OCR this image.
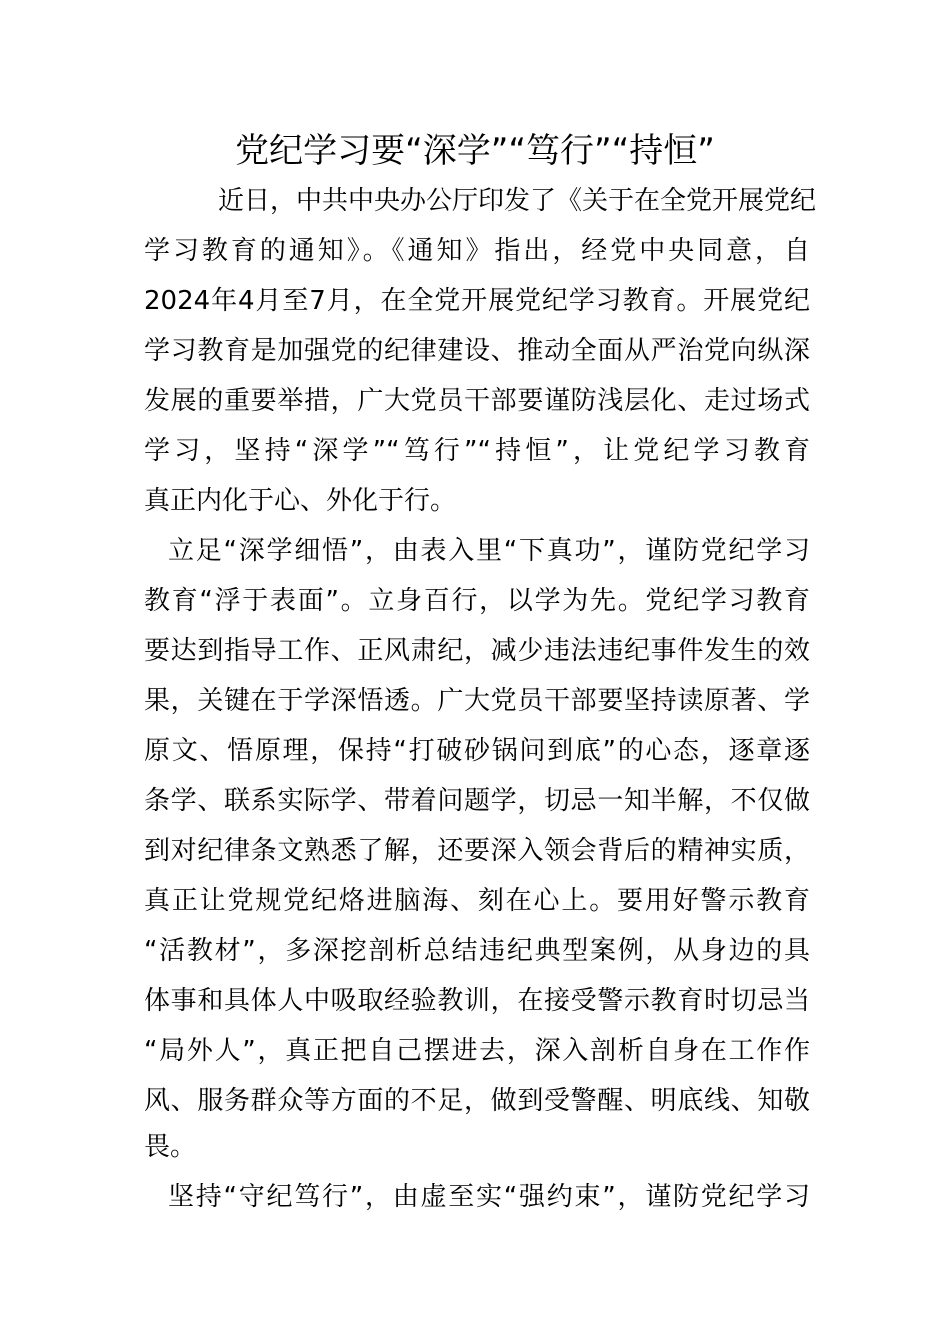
党纪学习要“深学”“笃行”“持恒”

近日，中共中央办公厅印发了《关于在全党开展党纪

学习教育的通知》。《通知》指出，经党中央同意，自

2024年4月至7月，在全党开展党纪学习教育。开展党纪

学习教育是加强党的纪律建设、推动全面从严治党向纵深

发展的重要举措，广大党员干部要谨防浅层化、走过场式

学习，坚持“深学”“笃行”“持恒”，让党纪学习教育

真正内化于心、外化于行。

立足“深学细悟”，由表入里“下真功”，谨防党纪学习

教育“浮于表面”。立身百行，以学为先。党纪学习教育

要达到指导工作、正风肃纪，减少违法违纪事件发生的效

果，关键在于学深悟透。广大党员干部要坚持读原著、学

原文、悟原理，保持“打破砂锅问到底”的心态，逐章逐

条学、联系实际学、带着问题学，切忌一知半解，不仅做

到对纪律条文熟悉了解，还要深入领会背后的精神实质，

真正让党规党纪烙进脑海、刻在心上。要用好警示教育

“活教材”，多深挖剖析总结违纪典型案例，从身边的具

体事和具体人中吸取经验教训，在接受警示教育时切忌当

“局外人”，真正把自己摆进去，深入剖析自身在工作作

风、服务群众等方面的不足，做到受警醒、明底线、知敬

畏。

坚持“守纪笃行”，由虚至实“强约束”，谨防党纪学习
